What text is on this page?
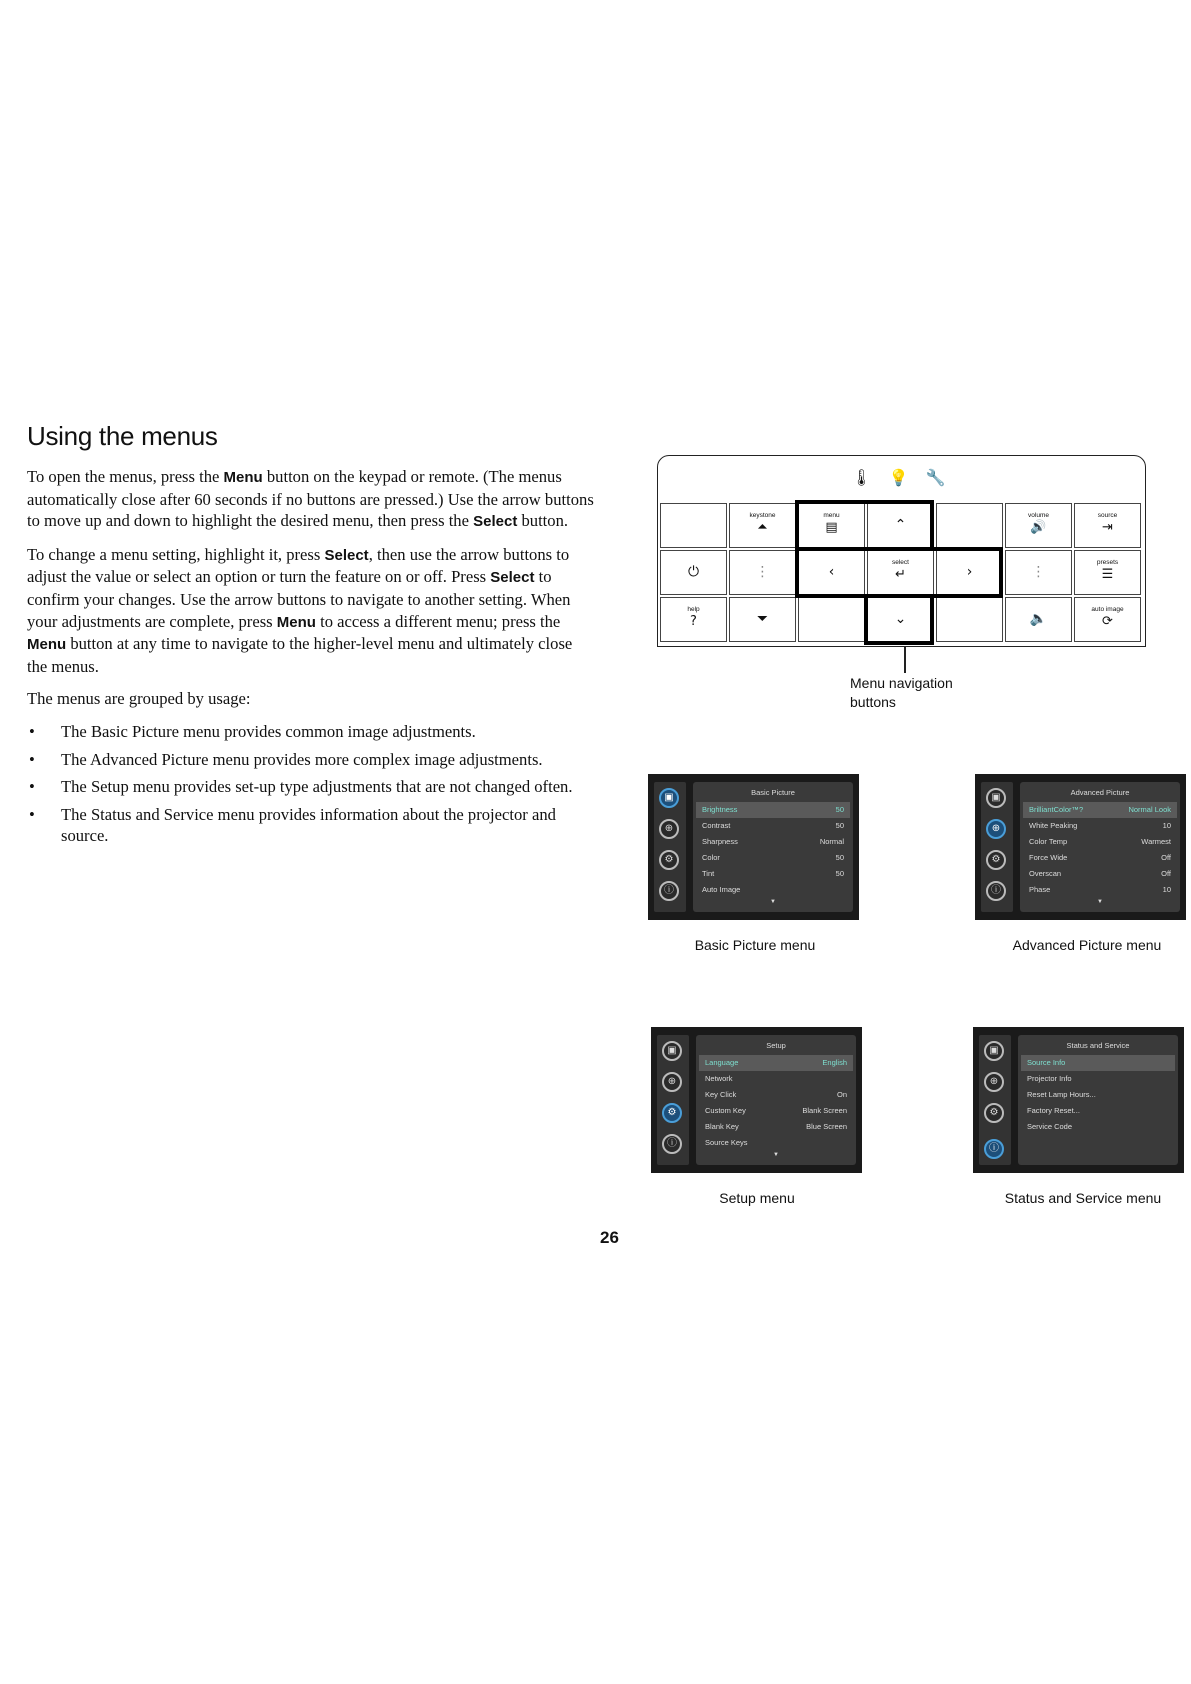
Using the menus

To open the menus, press the Menu button on the keypad or remote. (The menus automatically close after 60 seconds if no buttons are pressed.) Use the arrow buttons to move up and down to highlight the desired menu, then press the Select button.

To change a menu setting, highlight it, press Select, then use the arrow buttons to adjust the value or select an option or turn the feature on or off. Press Select to confirm your changes. Use the arrow buttons to navigate to another setting. When your adjustments are complete, press Menu to access a different menu; press the Menu button at any time to navigate to the higher-level menu and ultimately close the menus.

The menus are grouped by usage:

• The Basic Picture menu provides common image adjustments.
• The Advanced Picture menu provides more complex image adjustments.
• The Setup menu provides set-up type adjustments that are not changed often.
• The Status and Service menu provides information about the projector and source.
🌡 💡 🔧
keystone
⏶
menu
▤	⌃
volume
🔊
source
⇥
⏻	⋮	‹
select
↵	›	⋮
presets
☰
help
?	⏷	⌄	🔈
auto image
⟳
Menu navigation
buttons
▣
⊕
⚙
ⓘ
Basic Picture
Brightness	50
Contrast	50
Sharpness	Normal
Color	50
Tint	50
Auto Image
▼
Basic Picture menu
▣
⊕
⚙
ⓘ
Advanced Picture
BrilliantColor™?	Normal Look
White Peaking	10
Color Temp	Warmest
Force Wide	Off
Overscan	Off
Phase	10
▼
Advanced Picture menu
▣
⊕
⚙
ⓘ
Setup
Language	English
Network
Key Click	On
Custom Key	Blank Screen
Blank Key	Blue Screen
Source Keys
▼
Setup menu
▣
⊕
⚙
ⓘ
Status and Service
Source Info
Projector Info
Reset Lamp Hours...
Factory Reset...
Service Code
Status and Service menu
26
